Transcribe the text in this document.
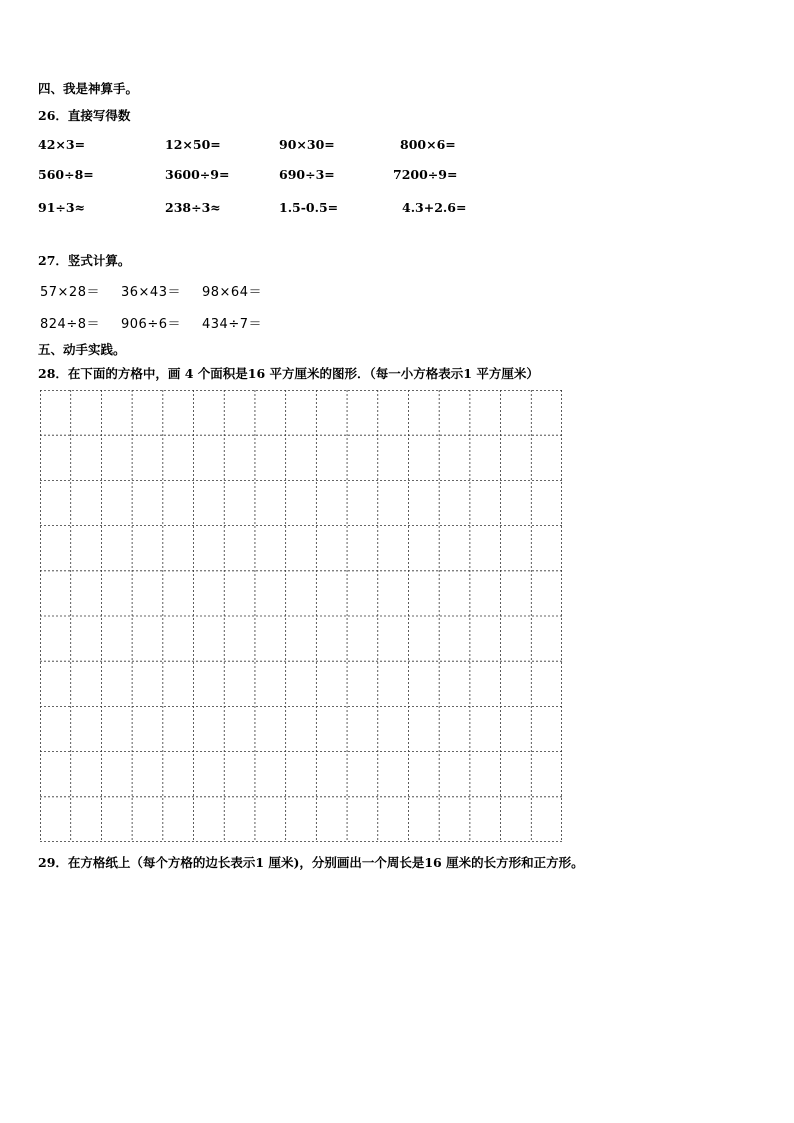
四、我是神算手。
26．直接写得数
42×3=	12×50=	90×30=	800×6=
560÷8=	3600÷9=	690÷3=	7200÷9=
91÷3≈	238÷3≈	1.5-0.5=	4.3+2.6=
27．竖式计算。
57×28＝ 36×43＝ 98×64＝
824÷8＝ 906÷6＝ 434÷7＝
五、动手实践。
28．在下面的方格中，画 4 个面积是16 平方厘米的图形．（每一小方格表示1 平方厘米）
29．在方格纸上（每个方格的边长表示1 厘米)，分别画出一个周长是16 厘米的长方形和正方形。
